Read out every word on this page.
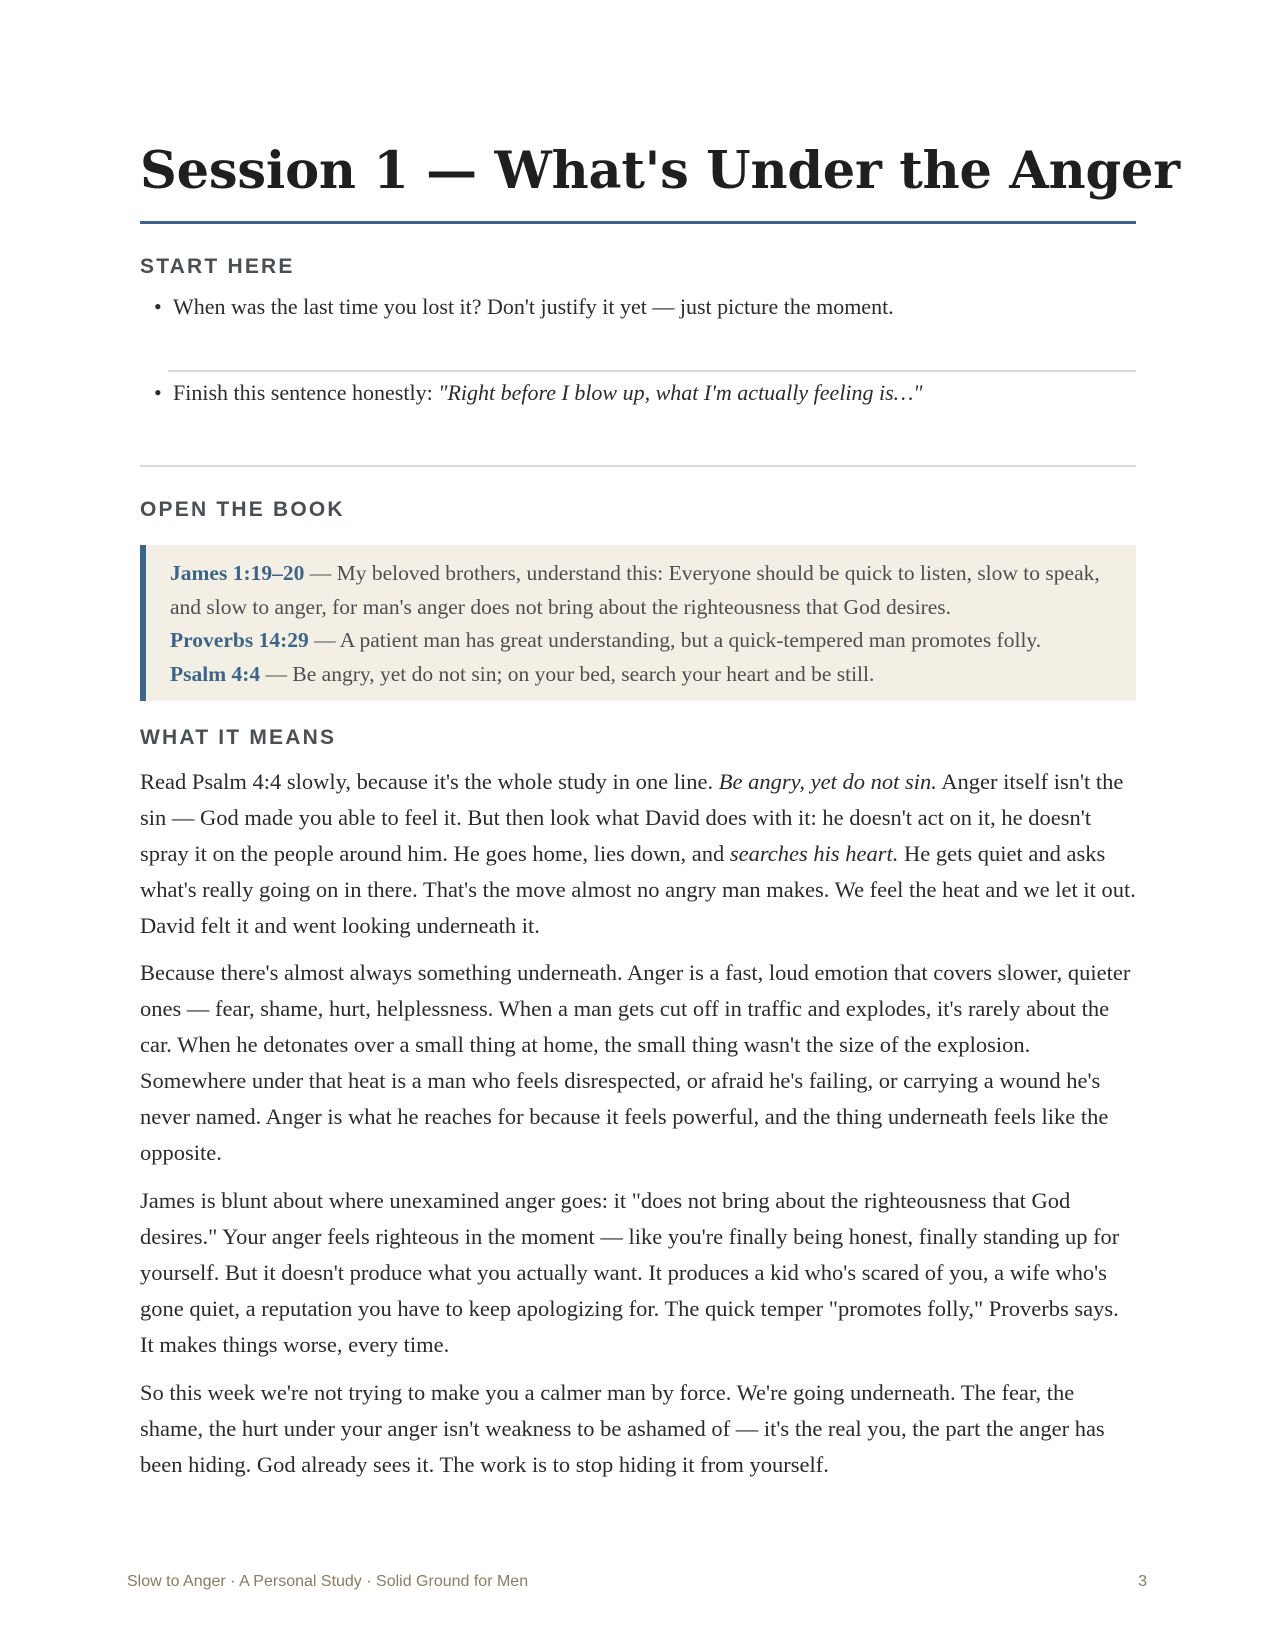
Session 1 — What's Under the Anger
START HERE
• When was the last time you lost it? Don't justify it yet — just picture the moment.
• Finish this sentence honestly: "Right before I blow up, what I'm actually feeling is…"
OPEN THE BOOK
James 1:19–20 — My beloved brothers, understand this: Everyone should be quick to listen, slow to speak, and slow to anger, for man's anger does not bring about the righteousness that God desires.
Proverbs 14:29 — A patient man has great understanding, but a quick-tempered man promotes folly.
Psalm 4:4 — Be angry, yet do not sin; on your bed, search your heart and be still.
WHAT IT MEANS

Read Psalm 4:4 slowly, because it's the whole study in one line. Be angry, yet do not sin. Anger itself isn't the sin — God made you able to feel it. But then look what David does with it: he doesn't act on it, he doesn't spray it on the people around him. He goes home, lies down, and searches his heart. He gets quiet and asks what's really going on in there. That's the move almost no angry man makes. We feel the heat and we let it out. David felt it and went looking underneath it.

Because there's almost always something underneath. Anger is a fast, loud emotion that covers slower, quieter ones — fear, shame, hurt, helplessness. When a man gets cut off in traffic and explodes, it's rarely about the car. When he detonates over a small thing at home, the small thing wasn't the size of the explosion. Somewhere under that heat is a man who feels disrespected, or afraid he's failing, or carrying a wound he's never named. Anger is what he reaches for because it feels powerful, and the thing underneath feels like the opposite.

James is blunt about where unexamined anger goes: it "does not bring about the righteousness that God desires." Your anger feels righteous in the moment — like you're finally being honest, finally standing up for yourself. But it doesn't produce what you actually want. It produces a kid who's scared of you, a wife who's gone quiet, a reputation you have to keep apologizing for. The quick temper "promotes folly," Proverbs says. It makes things worse, every time.

So this week we're not trying to make you a calmer man by force. We're going underneath. The fear, the shame, the hurt under your anger isn't weakness to be ashamed of — it's the real you, the part the anger has been hiding. God already sees it. The work is to stop hiding it from yourself.

Slow to Anger · A Personal Study · Solid Ground for Men	3
